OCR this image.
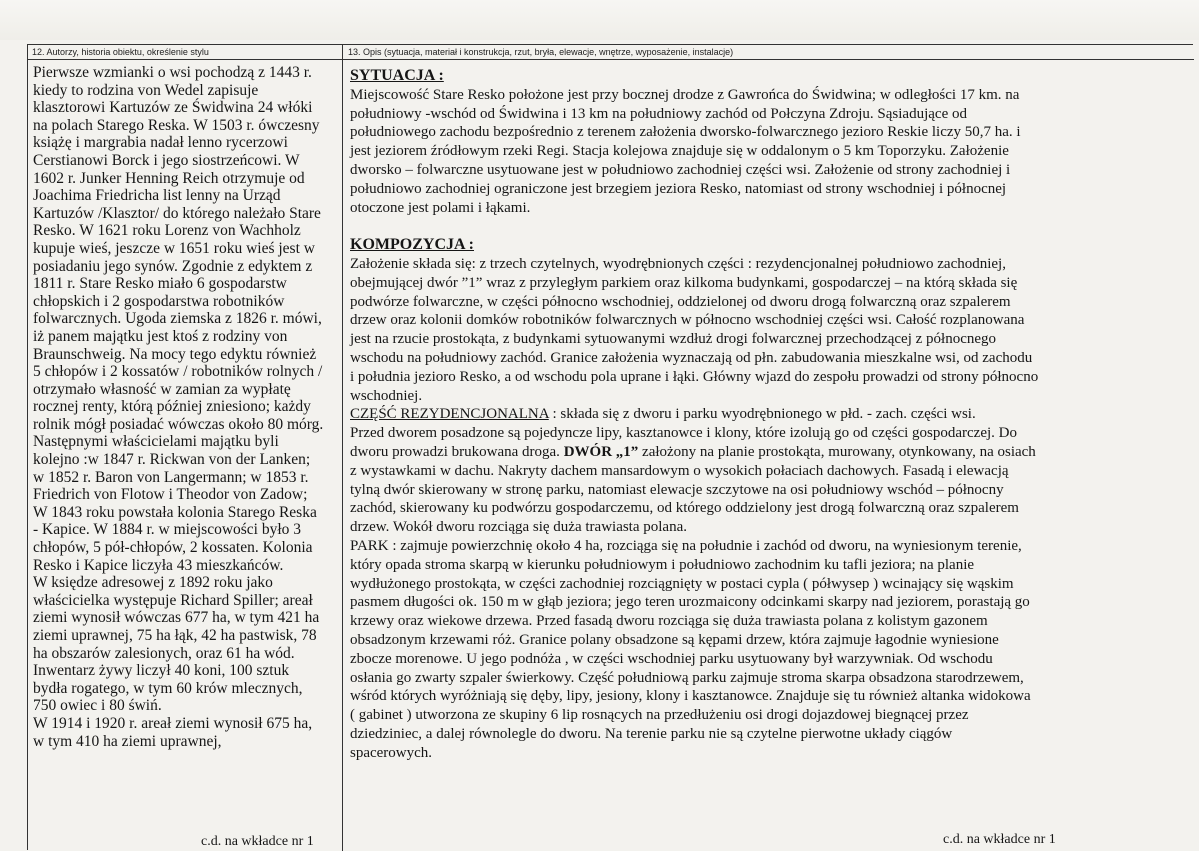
12. Autorzy, historia obiektu, określenie stylu	13. Opis (sytuacja, materiał i konstrukcja, rzut, bryła, elewacje, wnętrze, wyposażenie, instalacje)
Pierwsze wzmianki o wsi pochodzą z 1443 r.
kiedy to rodzina von Wedel zapisuje
klasztorowi Kartuzów ze Świdwina 24 włóki
na polach Starego Reska. W 1503 r. ówczesny
książę i margrabia nadał lenno rycerzowi
Cerstianowi Borck i jego siostrzeńcowi. W
1602 r. Junker Henning Reich otrzymuje od
Joachima Friedricha list lenny na Urząd
Kartuzów /Klasztor/ do którego należało Stare
Resko. W 1621 roku Lorenz von Wachholz
kupuje wieś, jeszcze w 1651 roku wieś jest w
posiadaniu jego synów. Zgodnie z edyktem z
1811 r. Stare Resko miało 6 gospodarstw
chłopskich i 2 gospodarstwa robotników
folwarcznych. Ugoda ziemska z 1826 r. mówi,
iż panem majątku jest ktoś z rodziny von
Braunschweig. Na mocy tego edyktu również
5 chłopów i 2 kossatów / robotników rolnych /
otrzymało własność w zamian za wypłatę
rocznej renty, którą później zniesiono; każdy
rolnik mógł posiadać wówczas około 80 mórg.
Następnymi właścicielami majątku byli
kolejno :w 1847 r. Rickwan von der Lanken;
w 1852 r. Baron von Langermann; w 1853 r.
Friedrich von Flotow i Theodor von Zadow;
W 1843 roku powstała kolonia Starego Reska
- Kapice. W 1884 r. w miejscowości było 3
chłopów, 5 pół-chłopów, 2 kossaten. Kolonia
Resko i Kapice liczyła 43 mieszkańców.
W księdze adresowej z 1892 roku jako
właścicielka występuje Richard Spiller; areał
ziemi wynosił wówczas 677 ha, w tym 421 ha
ziemi uprawnej, 75 ha łąk, 42 ha pastwisk, 78
ha obszarów zalesionych, oraz 61 ha wód.
Inwentarz żywy liczył 40 koni, 100 sztuk
bydła rogatego, w tym 60 krów mlecznych,
750 owiec i 80 świń.
W 1914 i 1920 r. areał ziemi wynosił 675 ha,
w tym 410 ha ziemi uprawnej,
SYTUACJA :
Miejscowość Stare Resko położone jest przy bocznej drodze z Gawrońca do Świdwina; w odległości 17 km. na
południowy -wschód od Świdwina i 13 km na południowy zachód od Połczyna Zdroju. Sąsiadujące od
południowego zachodu bezpośrednio z terenem założenia dworsko-folwarcznego jezioro Reskie liczy 50,7 ha. i
jest jeziorem źródłowym rzeki Regi. Stacja kolejowa znajduje się w oddalonym o 5 km Toporzyku. Założenie
dworsko – folwarczne usytuowane jest w południowo zachodniej części wsi. Założenie od strony zachodniej i
południowo zachodniej ograniczone jest brzegiem jeziora Resko, natomiast od strony wschodniej i północnej
otoczone jest polami i łąkami.
KOMPOZYCJA :
Założenie składa się: z trzech czytelnych, wyodrębnionych części : rezydencjonalnej południowo zachodniej,
obejmującej dwór ”1” wraz z przyległym parkiem oraz kilkoma budynkami, gospodarczej – na którą składa się
podwórze folwarczne, w części północno wschodniej, oddzielonej od dworu drogą folwarczną oraz szpalerem
drzew oraz kolonii domków robotników folwarcznych w północno wschodniej części wsi. Całość rozplanowana
jest na rzucie prostokąta, z budynkami sytuowanymi wzdłuż drogi folwarcznej przechodzącej z północnego
wschodu na południowy zachód. Granice założenia wyznaczają od płn. zabudowania mieszkalne wsi, od zachodu
i południa jezioro Resko, a od wschodu pola uprane i łąki. Główny wjazd do zespołu prowadzi od strony północno
wschodniej.
CZĘŚĆ REZYDENCJONALNA : składa się z dworu i parku wyodrębnionego w płd. - zach. części wsi.
Przed dworem posadzone są pojedyncze lipy, kasztanowce i klony, które izolują go od części gospodarczej. Do
dworu prowadzi brukowana droga. DWÓR „1” założony na planie prostokąta, murowany, otynkowany, na osiach
z wystawkami w dachu. Nakryty dachem mansardowym o wysokich połaciach dachowych. Fasadą i elewacją
tylną dwór skierowany w stronę parku, natomiast elewacje szczytowe na osi południowy wschód – północny
zachód, skierowany ku podwórzu gospodarczemu, od którego oddzielony jest drogą folwarczną oraz szpalerem
drzew. Wokół dworu rozciąga się duża trawiasta polana.
PARK : zajmuje powierzchnię około 4 ha, rozciąga się na południe i zachód od dworu, na wyniesionym terenie,
który opada stroma skarpą w kierunku południowym i południowo zachodnim ku tafli jeziora; na planie
wydłużonego prostokąta, w części zachodniej rozciągnięty w postaci cypla ( półwysep ) wcinający się wąskim
pasmem długości ok. 150 m w głąb jeziora; jego teren urozmaicony odcinkami skarpy nad jeziorem, porastają go
krzewy oraz wiekowe drzewa. Przed fasadą dworu rozciąga się duża trawiasta polana z kolistym gazonem
obsadzonym krzewami róż. Granice polany obsadzone są kępami drzew, która zajmuje łagodnie wyniesione
zbocze morenowe. U jego podnóża , w części wschodniej parku usytuowany był warzywniak. Od wschodu
osłania go zwarty szpaler świerkowy. Część południową parku zajmuje stroma skarpa obsadzona starodrzewem,
wśród których wyróżniają się dęby, lipy, jesiony, klony i kasztanowce. Znajduje się tu również altanka widokowa
( gabinet ) utworzona ze skupiny 6 lip rosnących na przedłużeniu osi drogi dojazdowej biegnącej przez
dziedziniec, a dalej równolegle do dworu. Na terenie parku nie są czytelne pierwotne układy ciągów
spacerowych.
c.d. na wkładce nr 1	c.d. na wkładce nr 1
